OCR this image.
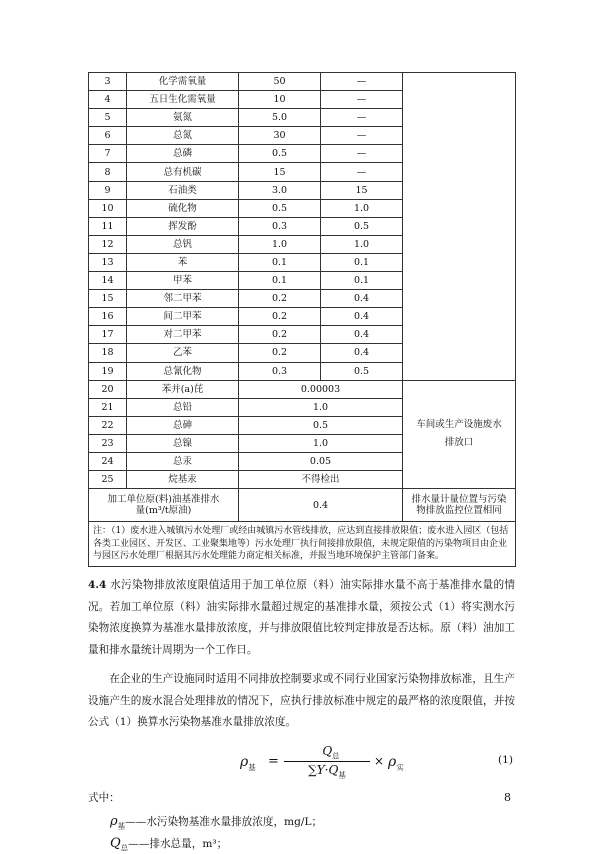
3	化学需氧量	50	—	
4	五日生化需氧量	10	—	
5	氨氮	5.0	—	
6	总氮	30	—	
7	总磷	0.5	—	
8	总有机碳	15	—	
9	石油类	3.0	15	
10	硫化物	0.5	1.0	
11	挥发酚	0.3	0.5	
12	总钒	1.0	1.0	
13	苯	0.1	0.1	
14	甲苯	0.1	0.1	
15	邻二甲苯	0.2	0.4	
16	间二甲苯	0.2	0.4	
17	对二甲苯	0.2	0.4	
18	乙苯	0.2	0.4	
19	总氰化物	0.3	0.5	
20	苯并(a)芘	0.00003		车间或生产设施废水排放口
21	总铅	1.0		
22	总砷	0.5		
23	总镍	1.0		
24	总汞	0.05		
25	烷基汞	不得检出		
加工单位原(料)油基准排水量(m³/t原油)		0.4		排水量计量位置与污染物排放监控位置相同
注：（1）废水进入城镇污水处理厂或经由城镇污水管线排放，应达到直接排放限值；废水进入园区（包括各类工业园区、开发区、工业聚集地等）污水处理厂执行间接排放限值，未规定限值的污染物项目由企业与园区污水处理厂根据其污水处理能力商定相关标准，并报当地环境保护主管部门备案。				
4.4 水污染物排放浓度限值适用于加工单位原（料）油实际排水量不高于基准排水量的情况。若加工单位原（料）油实际排水量超过规定的基准排水量，须按公式（1）将实测水污染物浓度换算为基准水量排放浓度，并与排放限值比较判定排放是否达标。原（料）油加工量和排水量统计周期为一个工作日。
在企业的生产设施同时适用不同排放控制要求或不同行业国家污染物排放标准，且生产设施产生的废水混合处理排放的情况下，应执行排放标准中规定的最严格的浓度限值，并按公式（1）换算水污染物基准水量排放浓度。
$\rho_基$ =
$Q_总$
$\sum Y\cdot Q_基$
× $\rho_实$
(1)
式中：
$\rho_基——$水污染物基准水量排放浓度，mg/L；
$Q_总——$排水总量，m³；
8
